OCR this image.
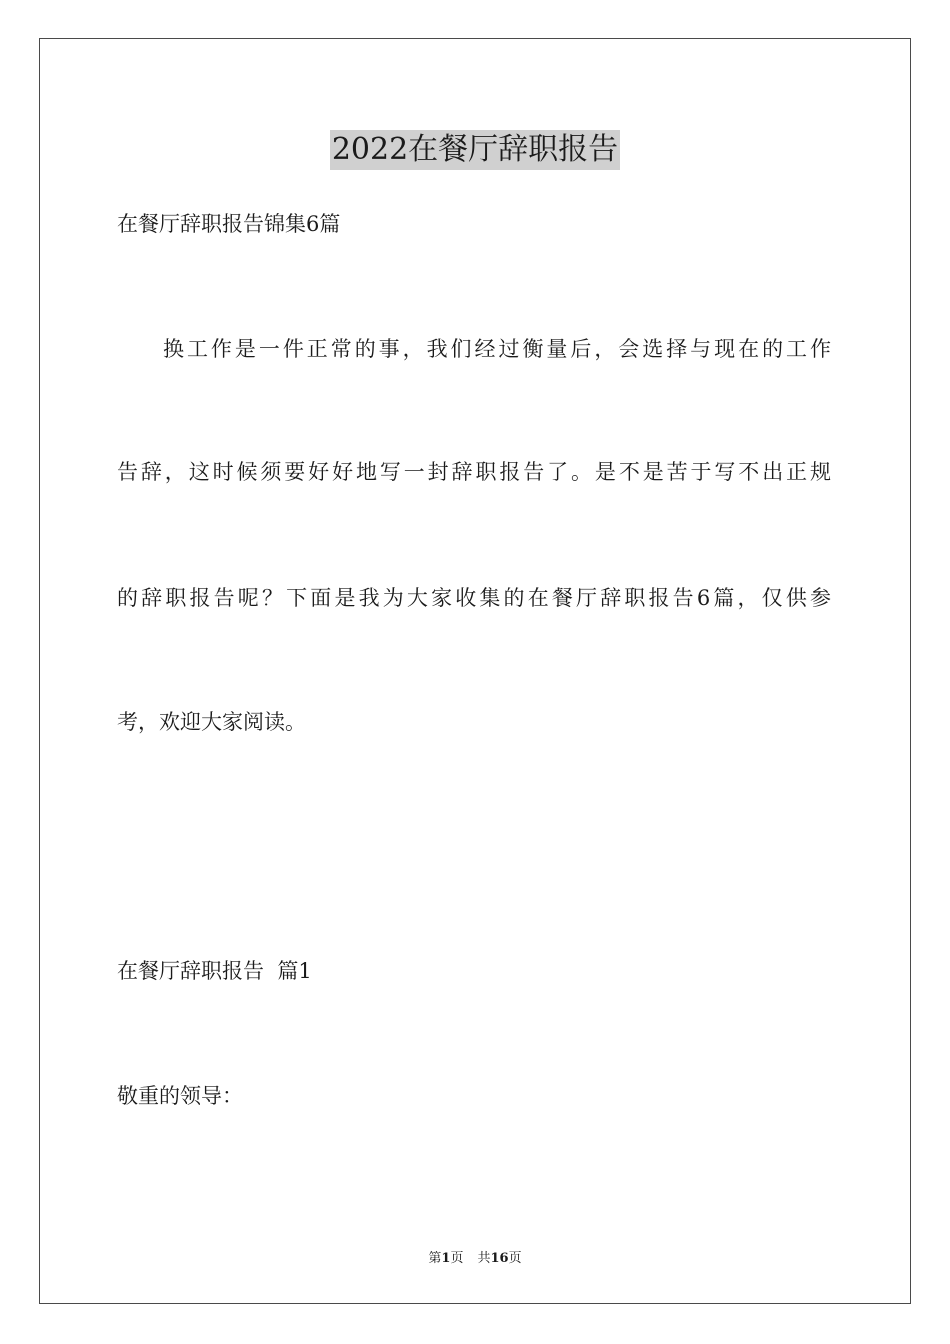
2022在餐厅辞职报告

在餐厅辞职报告锦集6篇

换工作是一件正常的事，我们经过衡量后，会选择与现在的工作

告辞，这时候须要好好地写一封辞职报告了。是不是苦于写不出正规

的辞职报告呢？下面是我为大家收集的在餐厅辞职报告6篇，仅供参

考，欢迎大家阅读。

在餐厅辞职报告  篇1

敬重的领导：

第1页 共16页
